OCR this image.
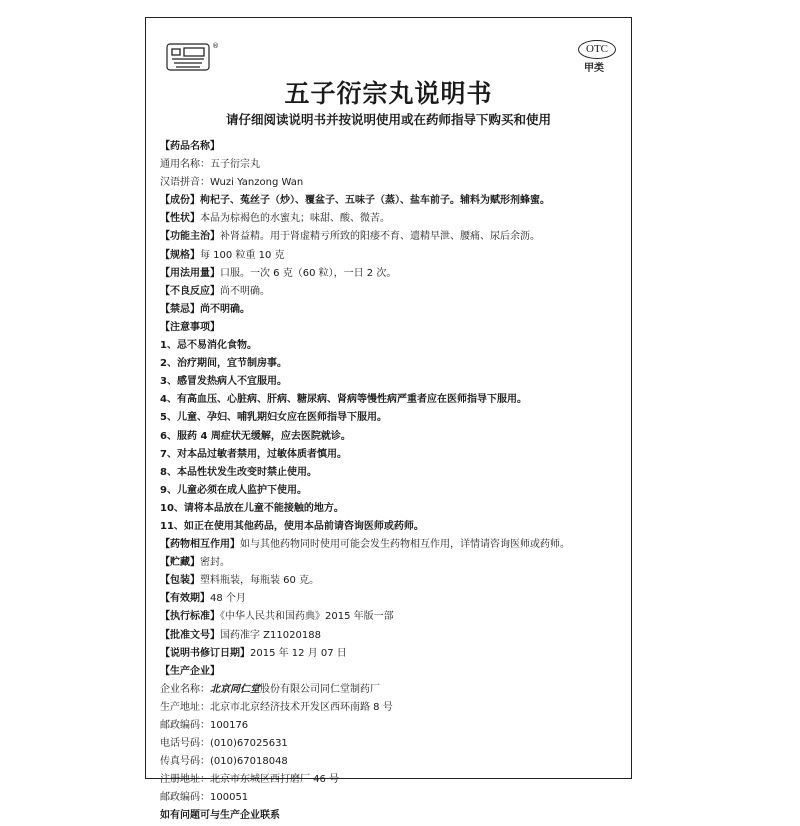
®	OTC
甲类
五子衍宗丸说明书
请仔细阅读说明书并按说明使用或在药师指导下购买和使用
【药品名称】
通用名称：五子衍宗丸
汉语拼音：Wuzi Yanzong Wan
【成份】枸杞子、菟丝子（炒）、覆盆子、五味子（蒸）、盐车前子。辅料为赋形剂蜂蜜。
【性状】本品为棕褐色的水蜜丸；味甜、酸、微苦。
【功能主治】补肾益精。用于肾虚精亏所致的阳痿不育、遗精早泄、腰痛、尿后余沥。
【规格】每 100 粒重 10 克
【用法用量】口服。一次 6 克（60 粒），一日 2 次。
【不良反应】尚不明确。
【禁忌】尚不明确。
【注意事项】
1、忌不易消化食物。
2、治疗期间，宜节制房事。
3、感冒发热病人不宜服用。
4、有高血压、心脏病、肝病、糖尿病、肾病等慢性病严重者应在医师指导下服用。
5、儿童、孕妇、哺乳期妇女应在医师指导下服用。
6、服药 4 周症状无缓解，应去医院就诊。
7、对本品过敏者禁用，过敏体质者慎用。
8、本品性状发生改变时禁止使用。
9、儿童必须在成人监护下使用。
10、请将本品放在儿童不能接触的地方。
11、如正在使用其他药品，使用本品前请咨询医师或药师。
【药物相互作用】如与其他药物同时使用可能会发生药物相互作用，详情请咨询医师或药师。
【贮藏】密封。
【包装】塑料瓶装，每瓶装 60 克。
【有效期】48 个月
【执行标准】《中华人民共和国药典》2015 年版一部
【批准文号】国药准字 Z11020188
【说明书修订日期】2015 年 12 月 07 日
【生产企业】
企业名称：北京同仁堂股份有限公司同仁堂制药厂
生产地址：北京市北京经济技术开发区西环南路 8 号
邮政编码：100176
电话号码：(010)67025631
传真号码：(010)67018048
注册地址：北京市东城区西打磨厂 46 号
邮政编码：100051
如有问题可与生产企业联系
